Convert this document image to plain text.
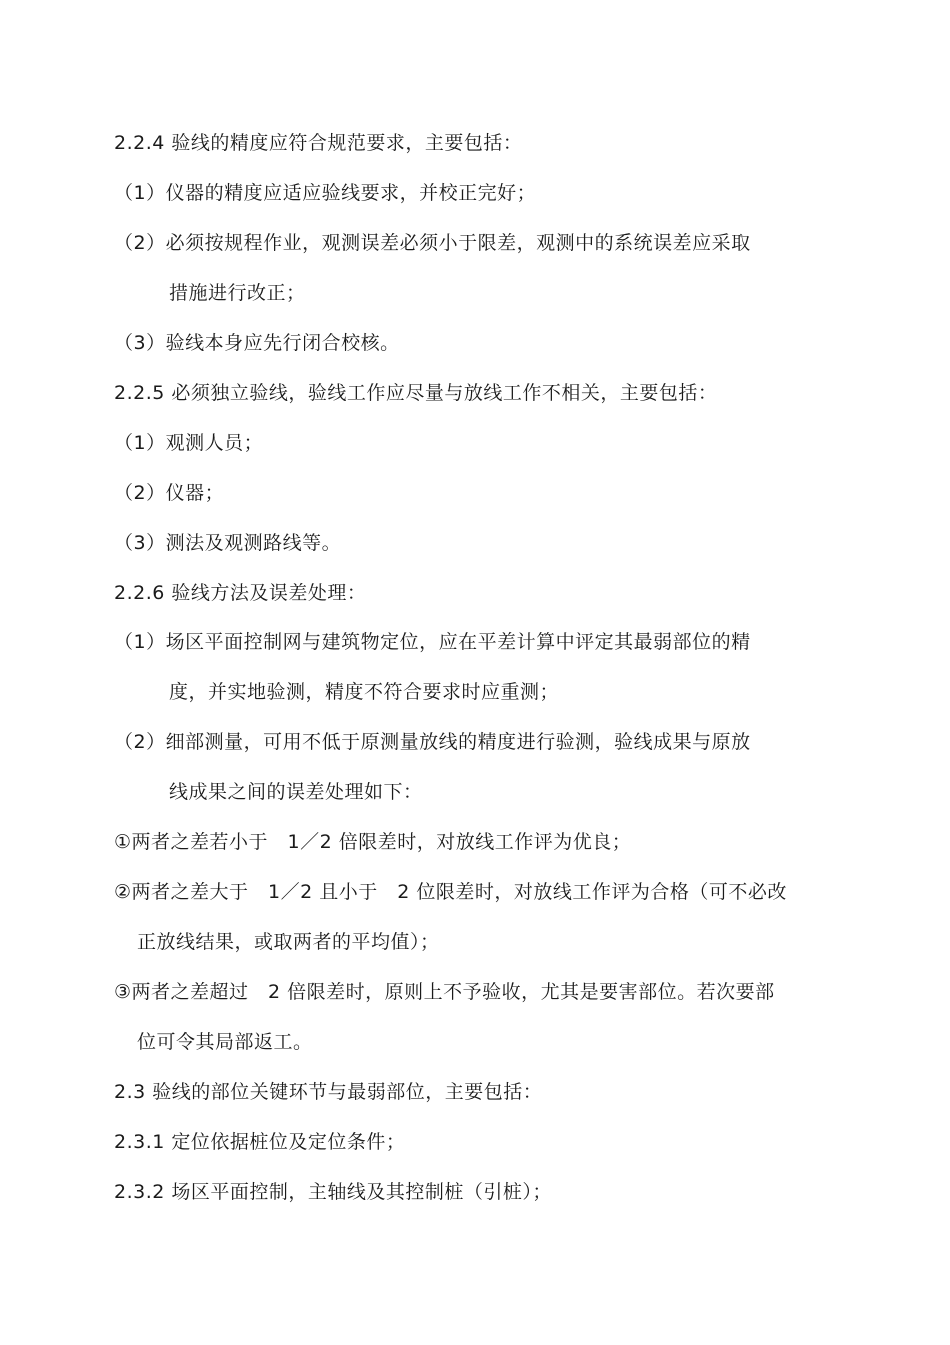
2.2.4 验线的精度应符合规范要求，主要包括：
（1）仪器的精度应适应验线要求，并校正完好；
（2）必须按规程作业，观测误差必须小于限差，观测中的系统误差应采取
措施进行改正；
（3）验线本身应先行闭合校核。
2.2.5 必须独立验线，验线工作应尽量与放线工作不相关，主要包括：
（1）观测人员；
（2）仪器；
（3）测法及观测路线等。
2.2.6 验线方法及误差处理：
（1）场区平面控制网与建筑物定位，应在平差计算中评定其最弱部位的精
度，并实地验测，精度不符合要求时应重测；
（2）细部测量，可用不低于原测量放线的精度进行验测，验线成果与原放
线成果之间的误差处理如下：
①两者之差若小于　1／2 倍限差时，对放线工作评为优良；
②两者之差大于　1／2 且小于　2 位限差时，对放线工作评为合格（可不必改
正放线结果，或取两者的平均值）；
③两者之差超过　2 倍限差时，原则上不予验收，尤其是要害部位。若次要部
位可令其局部返工。
2.3 验线的部位关键环节与最弱部位，主要包括：
2.3.1 定位依据桩位及定位条件；
2.3.2 场区平面控制，主轴线及其控制桩（引桩）；
